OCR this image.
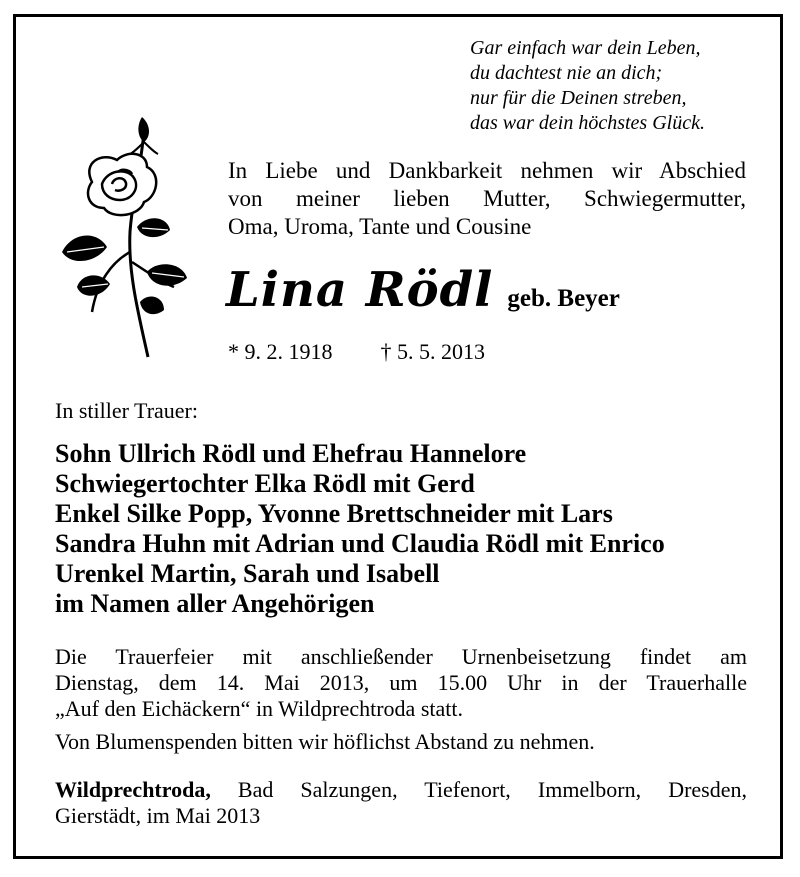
Gar einfach war dein Leben,
du dachtest nie an dich;
nur für die Deinen streben,
das war dein höchstes Glück.
In Liebe und Dankbarkeit nehmen wir Abschied
von meiner lieben Mutter, Schwiegermutter,
Oma, Uroma, Tante und Cousine
Lina Rödl geb. Beyer
* 9. 2. 1918 † 5. 5. 2013
In stiller Trauer:
Sohn Ullrich Rödl und Ehefrau Hannelore
Schwiegertochter Elka Rödl mit Gerd
Enkel Silke Popp, Yvonne Brettschneider mit Lars
Sandra Huhn mit Adrian und Claudia Rödl mit Enrico
Urenkel Martin, Sarah und Isabell
im Namen aller Angehörigen
Die Trauerfeier mit anschließender Urnenbeisetzung findet am
Dienstag, dem 14. Mai 2013, um 15.00 Uhr in der Trauerhalle
„Auf den Eichäckern“ in Wildprechtroda statt.
Von Blumenspenden bitten wir höflichst Abstand zu nehmen.
Wildprechtroda, Bad Salzungen, Tiefenort, Immelborn, Dresden,
Gierstädt, im Mai 2013
